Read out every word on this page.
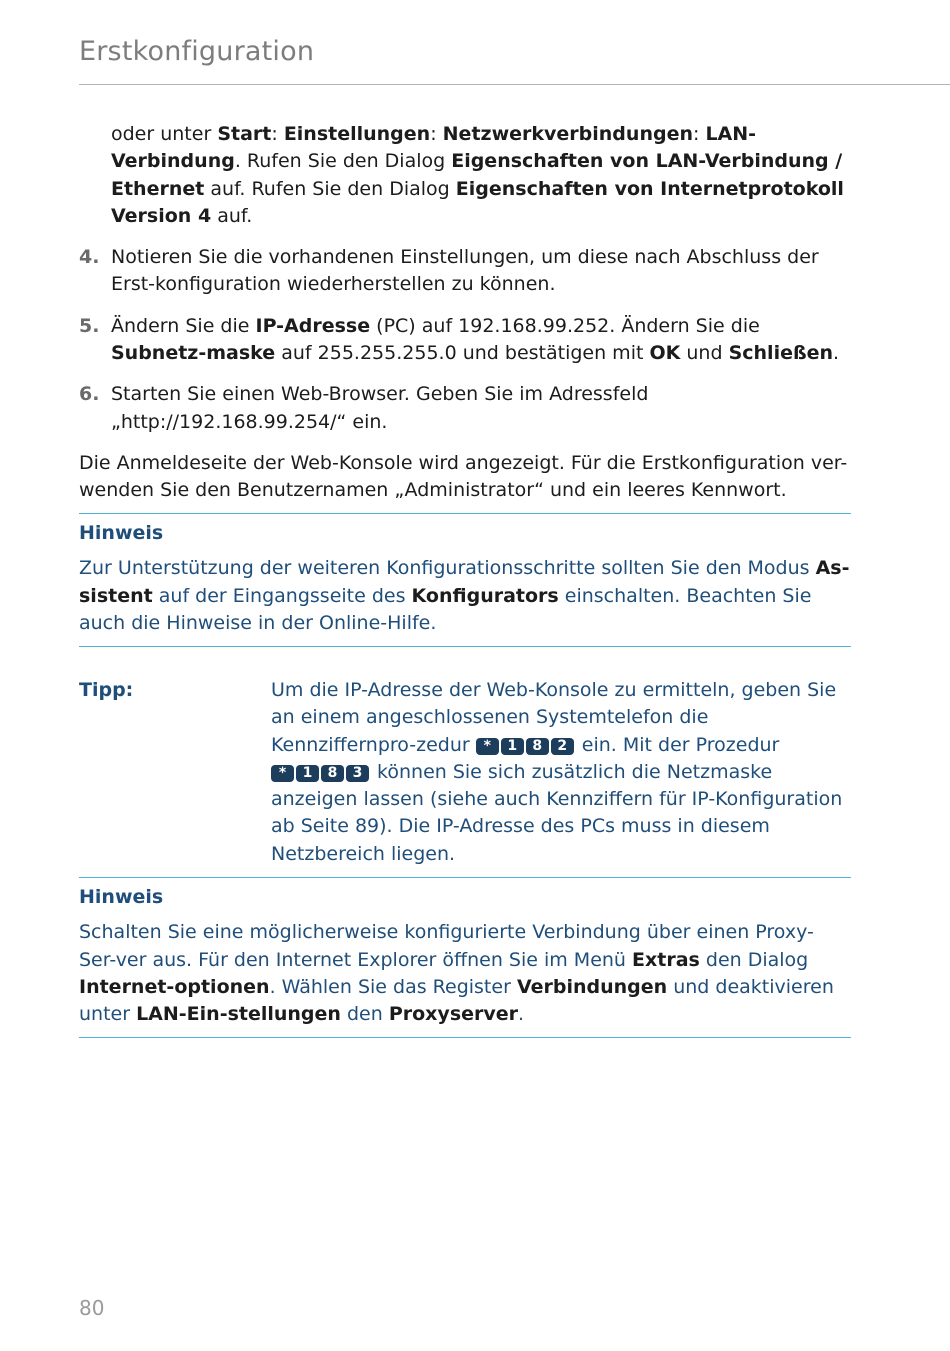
Erstkonfiguration
oder unter Start: Einstellungen: Netzwerkverbindungen: LAN-Verbindung. Rufen Sie den Dialog Eigenschaften von LAN-Verbindung / Ethernet auf. Rufen Sie den Dialog Eigenschaften von Internetprotokoll Version 4 auf.
4. Notieren Sie die vorhandenen Einstellungen, um diese nach Abschluss der Erst-konfiguration wiederherstellen zu können.
5. Ändern Sie die IP-Adresse (PC) auf 192.168.99.252. Ändern Sie die Subnetz-maske auf 255.255.255.0 und bestätigen mit OK und Schließen.
6. Starten Sie einen Web-Browser. Geben Sie im Adressfeld
„http://192.168.99.254/“ ein.
Die Anmeldeseite der Web-Konsole wird angezeigt. Für die Erstkonfiguration ver-wenden Sie den Benutzernamen „Administrator“ und ein leeres Kennwort.
Hinweis
Zur Unterstützung der weiteren Konfigurationsschritte sollten Sie den Modus As-sistent auf der Eingangsseite des Konfigurators einschalten. Beachten Sie auch die Hinweise in der Online-Hilfe.
Tipp:	Um die IP-Adresse der Web-Konsole zu ermitteln, geben Sie an einem angeschlossenen Systemtelefon die Kennziffernpro-zedur * 1 8 2 ein. Mit der Prozedur * 1 8 3 können Sie sich zusätzlich die Netzmaske anzeigen lassen (siehe auch Kennziffern für IP-Konfiguration ab Seite 89). Die IP-Adresse des PCs muss in diesem Netzbereich liegen.
Hinweis
Schalten Sie eine möglicherweise konfigurierte Verbindung über einen Proxy-Ser-ver aus. Für den Internet Explorer öffnen Sie im Menü Extras den Dialog Internet-optionen. Wählen Sie das Register Verbindungen und deaktivieren unter LAN-Ein-stellungen den Proxyserver.
80
